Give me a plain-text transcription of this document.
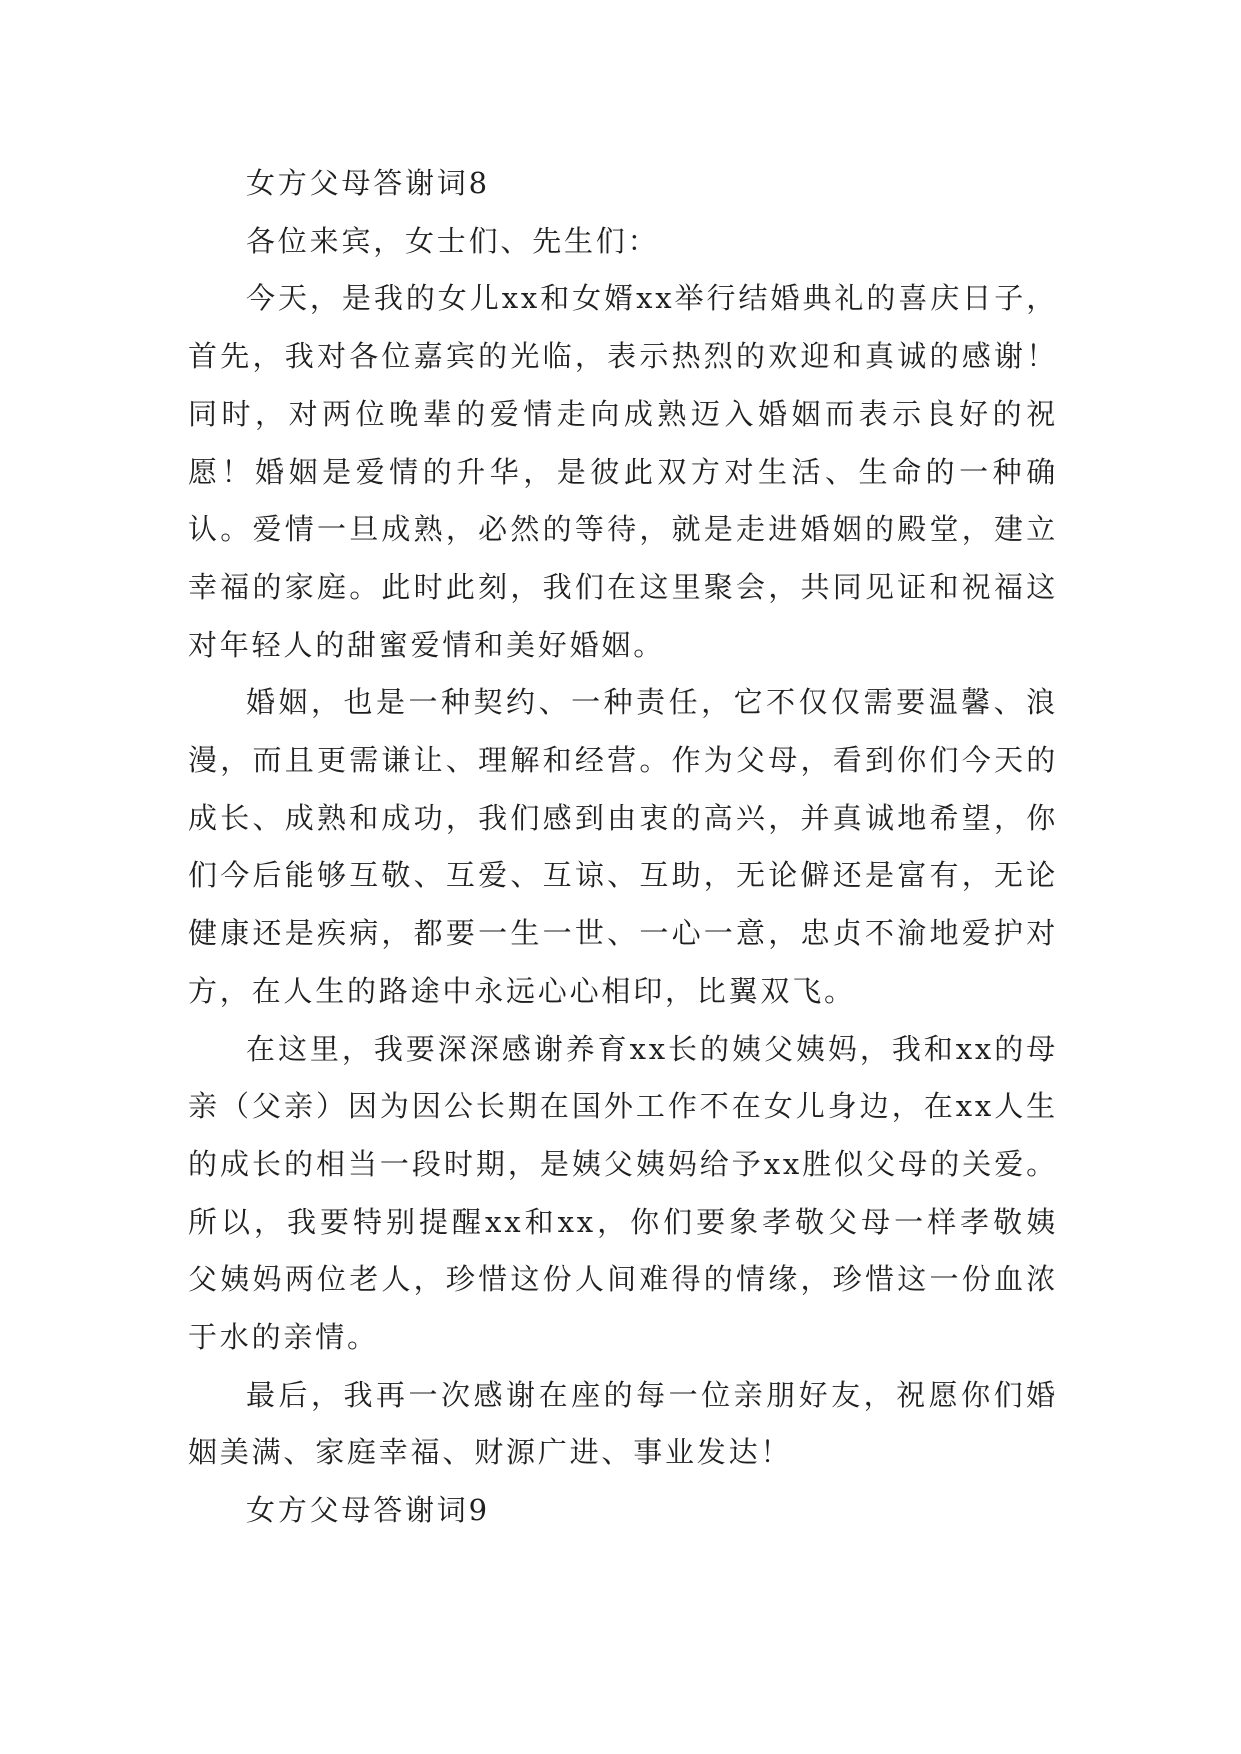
女方父母答谢词8

各位来宾，女士们、先生们：

今天，是我的女儿xx和女婿xx举行结婚典礼的喜庆日子，首先，我对各位嘉宾的光临，表示热烈的欢迎和真诚的感谢！同时，对两位晚辈的爱情走向成熟迈入婚姻而表示良好的祝愿！婚姻是爱情的升华，是彼此双方对生活、生命的一种确认。爱情一旦成熟，必然的等待，就是走进婚姻的殿堂，建立幸福的家庭。此时此刻，我们在这里聚会，共同见证和祝福这对年轻人的甜蜜爱情和美好婚姻。

婚姻，也是一种契约、一种责任，它不仅仅需要温馨、浪漫，而且更需谦让、理解和经营。作为父母，看到你们今天的成长、成熟和成功，我们感到由衷的高兴，并真诚地希望，你们今后能够互敬、互爱、互谅、互助，无论僻还是富有，无论健康还是疾病，都要一生一世、一心一意，忠贞不渝地爱护对方，在人生的路途中永远心心相印，比翼双飞。

在这里，我要深深感谢养育xx长的姨父姨妈，我和xx的母亲（父亲）因为因公长期在国外工作不在女儿身边，在xx人生的成长的相当一段时期，是姨父姨妈给予xx胜似父母的关爱。所以，我要特别提醒xx和xx，你们要象孝敬父母一样孝敬姨父姨妈两位老人，珍惜这份人间难得的情缘，珍惜这一份血浓于水的亲情。

最后，我再一次感谢在座的每一位亲朋好友，祝愿你们婚姻美满、家庭幸福、财源广进、事业发达！

女方父母答谢词9
